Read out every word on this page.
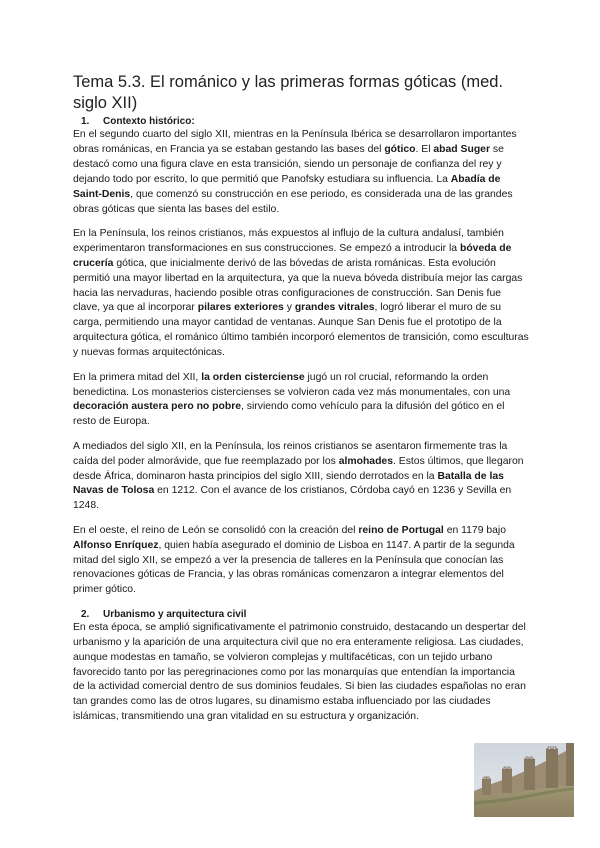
Tema 5.3. El románico y las primeras formas góticas (med. siglo XII)
1. Contexto histórico:

En el segundo cuarto del siglo XII, mientras en la Península Ibérica se desarrollaron importantes obras románicas, en Francia ya se estaban gestando las bases del gótico. El abad Suger se destacó como una figura clave en esta transición, siendo un personaje de confianza del rey y dejando todo por escrito, lo que permitió que Panofsky estudiara su influencia. La Abadía de Saint-Denis, que comenzó su construcción en ese periodo, es considerada una de las grandes obras góticas que sienta las bases del estilo.

En la Península, los reinos cristianos, más expuestos al influjo de la cultura andalusí, también experimentaron transformaciones en sus construcciones. Se empezó a introducir la bóveda de crucería gótica, que inicialmente derivó de las bóvedas de arista románicas. Esta evolución permitió una mayor libertad en la arquitectura, ya que la nueva bóveda distribuía mejor las cargas hacia las nervaduras, haciendo posible otras configuraciones de construcción. San Denis fue clave, ya que al incorporar pilares exteriores y grandes vitrales, logró liberar el muro de su carga, permitiendo una mayor cantidad de ventanas. Aunque San Denis fue el prototipo de la arquitectura gótica, el románico último también incorporó elementos de transición, como esculturas y nuevas formas arquitectónicas.

En la primera mitad del XII, la orden cisterciense jugó un rol crucial, reformando la orden benedictina. Los monasterios cistercienses se volvieron cada vez más monumentales, con una decoración austera pero no pobre, sirviendo como vehículo para la difusión del gótico en el resto de Europa.

A mediados del siglo XII, en la Península, los reinos cristianos se asentaron firmemente tras la caída del poder almorávide, que fue reemplazado por los almohades. Estos últimos, que llegaron desde África, dominaron hasta principios del siglo XIII, siendo derrotados en la Batalla de las Navas de Tolosa en 1212. Con el avance de los cristianos, Córdoba cayó en 1236 y Sevilla en 1248.

En el oeste, el reino de León se consolidó con la creación del reino de Portugal en 1179 bajo Alfonso Enríquez, quien había asegurado el dominio de Lisboa en 1147. A partir de la segunda mitad del siglo XII, se empezó a ver la presencia de talleres en la Península que conocían las renovaciones góticas de Francia, y las obras románicas comenzaron a integrar elementos del primer gótico.

2. Urbanismo y arquitectura civil

En esta época, se amplió significativamente el patrimonio construido, destacando un despertar del urbanismo y la aparición de una arquitectura civil que no era enteramente religiosa. Las ciudades, aunque modestas en tamaño, se volvieron complejas y multifacéticas, con un tejido urbano favorecido tanto por las peregrinaciones como por las monarquías que entendían la importancia de la actividad comercial dentro de sus dominios feudales. Si bien las ciudades españolas no eran tan grandes como las de otros lugares, su dinamismo estaba influenciado por las ciudades islámicas, transmitiendo una gran vitalidad en su estructura y organización.
